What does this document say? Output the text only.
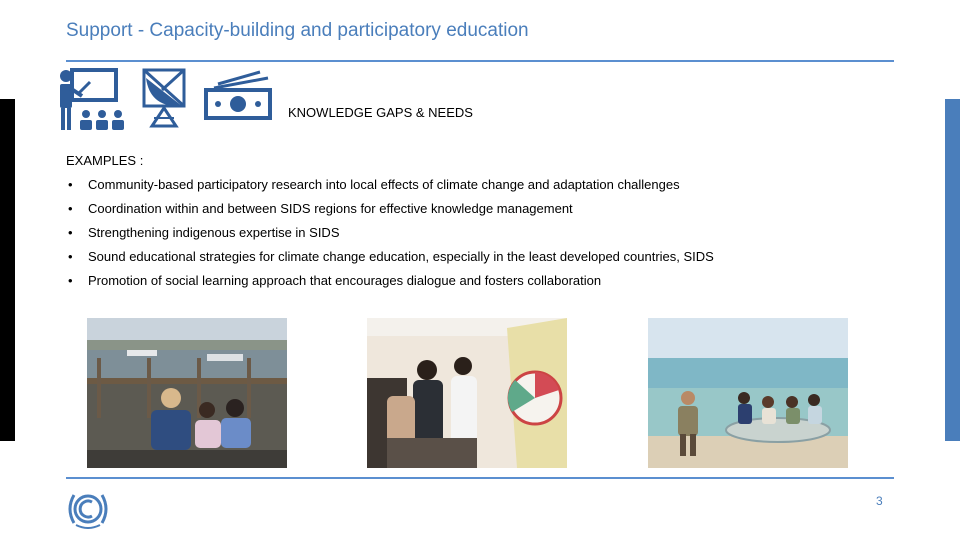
Support - Capacity-building and participatory education
KNOWLEDGE GAPS & NEEDS
EXAMPLES :
• Community-based participatory research into local effects of climate change and adaptation challenges
• Coordination within and between SIDS regions for effective knowledge management
• Strengthening indigenous expertise in SIDS
• Sound educational strategies for climate change education, especially in the least developed countries, SIDS
• Promotion of social learning approach that encourages dialogue and fosters collaboration
3
